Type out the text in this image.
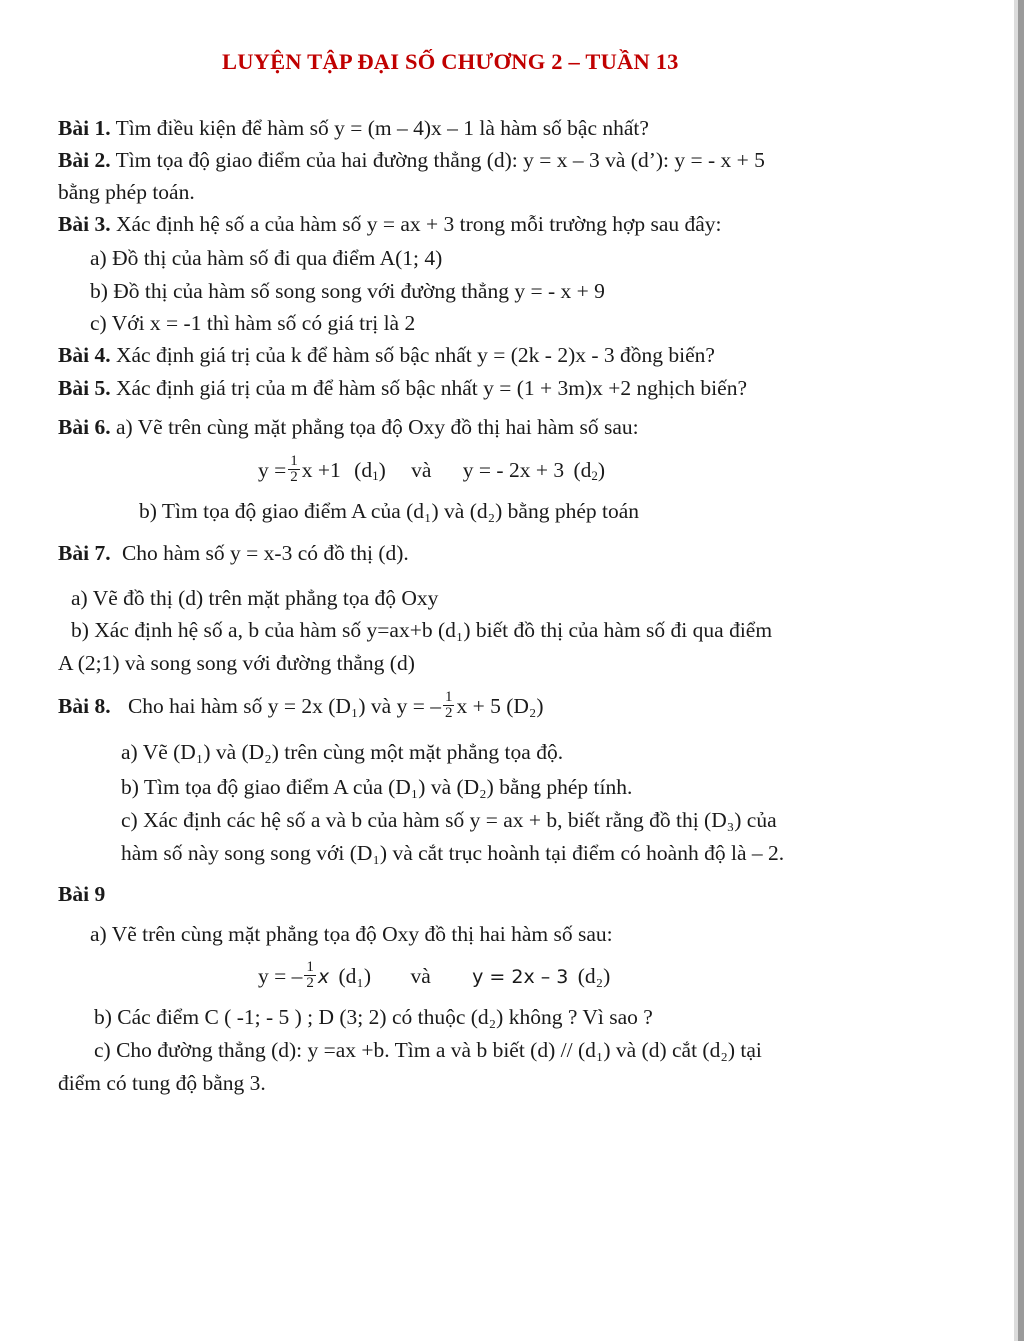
LUYỆN TẬP ĐẠI SỐ CHƯƠNG 2 – TUẦN 13
Bài 1. Tìm điều kiện để hàm số y = (m – 4)x – 1 là hàm số bậc nhất?
Bài 2. Tìm tọa độ giao điểm của hai đường thẳng (d): y = x – 3 và (d’): y = - x + 5
bằng phép toán.
Bài 3. Xác định hệ số a của hàm số y = ax + 3 trong mỗi trường hợp sau đây:
a) Đồ thị của hàm số đi qua điểm A(1; 4)
b) Đồ thị của hàm số song song với đường thẳng y = - x + 9
c) Với x = -1 thì hàm số có giá trị là 2
Bài 4. Xác định giá trị của k để hàm số bậc nhất y = (2k - 2)x - 3 đồng biến?
Bài 5. Xác định giá trị của m để hàm số bậc nhất y = (1 + 3m)x +2 nghịch biến?
Bài 6. a) Vẽ trên cùng mặt phẳng tọa độ Oxy đồ thị hai hàm số sau:
$y = \frac{1}{2}$ x +1 $(d_1)$ và y = - 2x + 3 $(d_2)$
b) Tìm tọa độ giao điểm A của (d₁) và (d₂) bằng phép toán
Bài 7. Cho hàm số y = x-3 có đồ thị (d).
a) Vẽ đồ thị (d) trên mặt phẳng tọa độ Oxy
b) Xác định hệ số a, b của hàm số y=ax+b (d₁) biết đồ thị của hàm số đi qua điểm
A (2;1) và song song với đường thẳng (d)
Bài 8. Cho hai hàm số y = 2x (D₁) và y = – $\frac{1}{2}$ x + 5 (D₂)
a) Vẽ (D₁) và (D₂) trên cùng một mặt phẳng tọa độ.
b) Tìm tọa độ giao điểm A của (D₁) và (D₂) bằng phép tính.
c) Xác định các hệ số a và b của hàm số y = ax + b, biết rằng đồ thị (D₃) của
hàm số này song song với (D₁) và cắt trục hoành tại điểm có hoành độ là – 2.
Bài 9
a) Vẽ trên cùng mặt phẳng tọa độ Oxy đồ thị hai hàm số sau:
y = – $\frac{1}{2}$ x (d₁) và y = 2x – 3 (d₂)
b) Các điểm C ( -1; - 5 ) ; D (3; 2) có thuộc (d₂) không ? Vì sao ?
c) Cho đường thẳng (d): y =ax +b. Tìm a và b biết (d) // (d₁) và (d) cắt (d₂) tại
điểm có tung độ bằng 3.
